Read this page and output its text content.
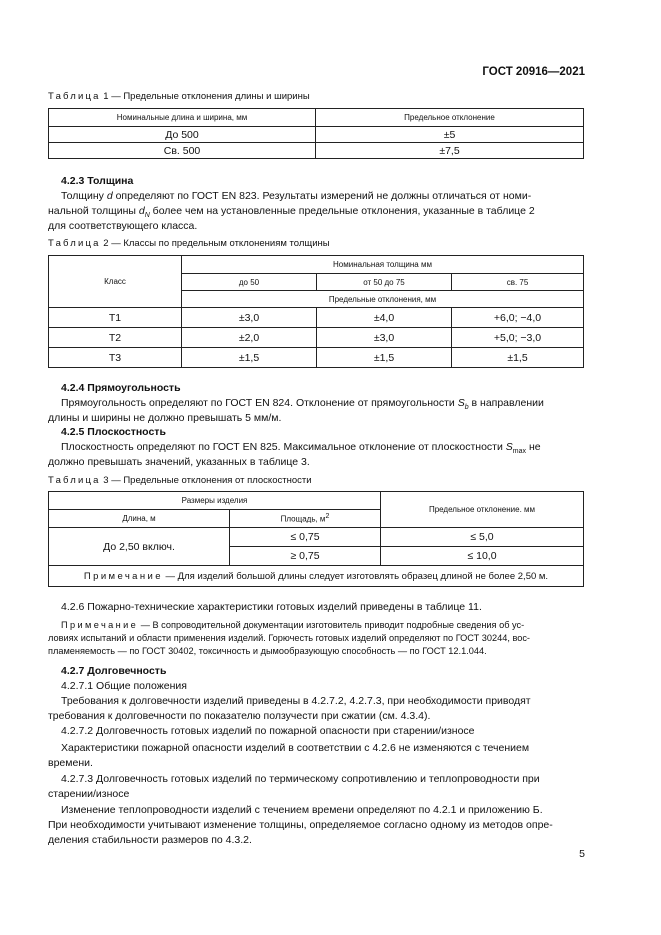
ГОСТ 20916—2021
Таблица 1 — Предельные отклонения длины и ширины
Номинальные длина и ширина, мм	Предельное отклонение
До 500	±5
Св. 500	±7,5
4.2.3 Толщина
Толщину d определяют по ГОСТ EN 823. Результаты измерений не должны отличаться от номи-
нальной толщины $d_N$ более чем на установленные предельные отклонения, указанные в таблице 2
для соответствующего класса.
Таблица 2 — Классы по предельным отклонениям толщины
Класс	Номинальная толщина мм		
	до 50	от 50 до 75	св. 75
	Предельные отклонения, мм		
Т1	±3,0	±4,0	+6,0; −4,0
Т2	±2,0	±3,0	+5,0; −3,0
Т3	±1,5	±1,5	±1,5
4.2.4 Прямоугольность
Прямоугольность определяют по ГОСТ EN 824. Отклонение от прямоугольности $S_b$ в направлении
длины и ширины не должно превышать 5 мм/м.
4.2.5 Плоскостность
Плоскостность определяют по ГОСТ EN 825. Максимальное отклонение от плоскостности $S_{max}$ не
должно превышать значений, указанных в таблице 3.
Таблица 3 — Предельные отклонения от плоскостности
Размеры изделия		Предельное отклонение. мм
Длина, м	Площадь, $м^2$
До 2,50 включ.	≤ 0,75	≤ 5,0
	≥ 0,75	≤ 10,0
Примечание — Для изделий большой длины следует изготовлять образец длиной не более 2,50 м.		
4.2.6 Пожарно-технические характеристики готовых изделий приведены в таблице 11.
Примечание — В сопроводительной документации изготовитель приводит подробные сведения об ус-
ловиях испытаний и области применения изделий. Горючесть готовых изделий определяют по ГОСТ 30244, вос-
пламеняемость — по ГОСТ 30402, токсичность и дымообразующую способность — по ГОСТ 12.1.044.
4.2.7 Долговечность
4.2.7.1 Общие положения
Требования к долговечности изделий приведены в 4.2.7.2, 4.2.7.3, при необходимости приводят
требования к долговечности по показателю ползучести при сжатии (см. 4.3.4).
4.2.7.2 Долговечность готовых изделий по пожарной опасности при старении/износе
Характеристики пожарной опасности изделий в соответствии с 4.2.6 не изменяются с течением
времени.
4.2.7.3 Долговечность готовых изделий по термическому сопротивлению и теплопроводности при
старении/износе
Изменение теплопроводности изделий с течением времени определяют по 4.2.1 и приложению Б.
При необходимости учитывают изменение толщины, определяемое согласно одному из методов опре-
деления стабильности размеров по 4.3.2.
5
